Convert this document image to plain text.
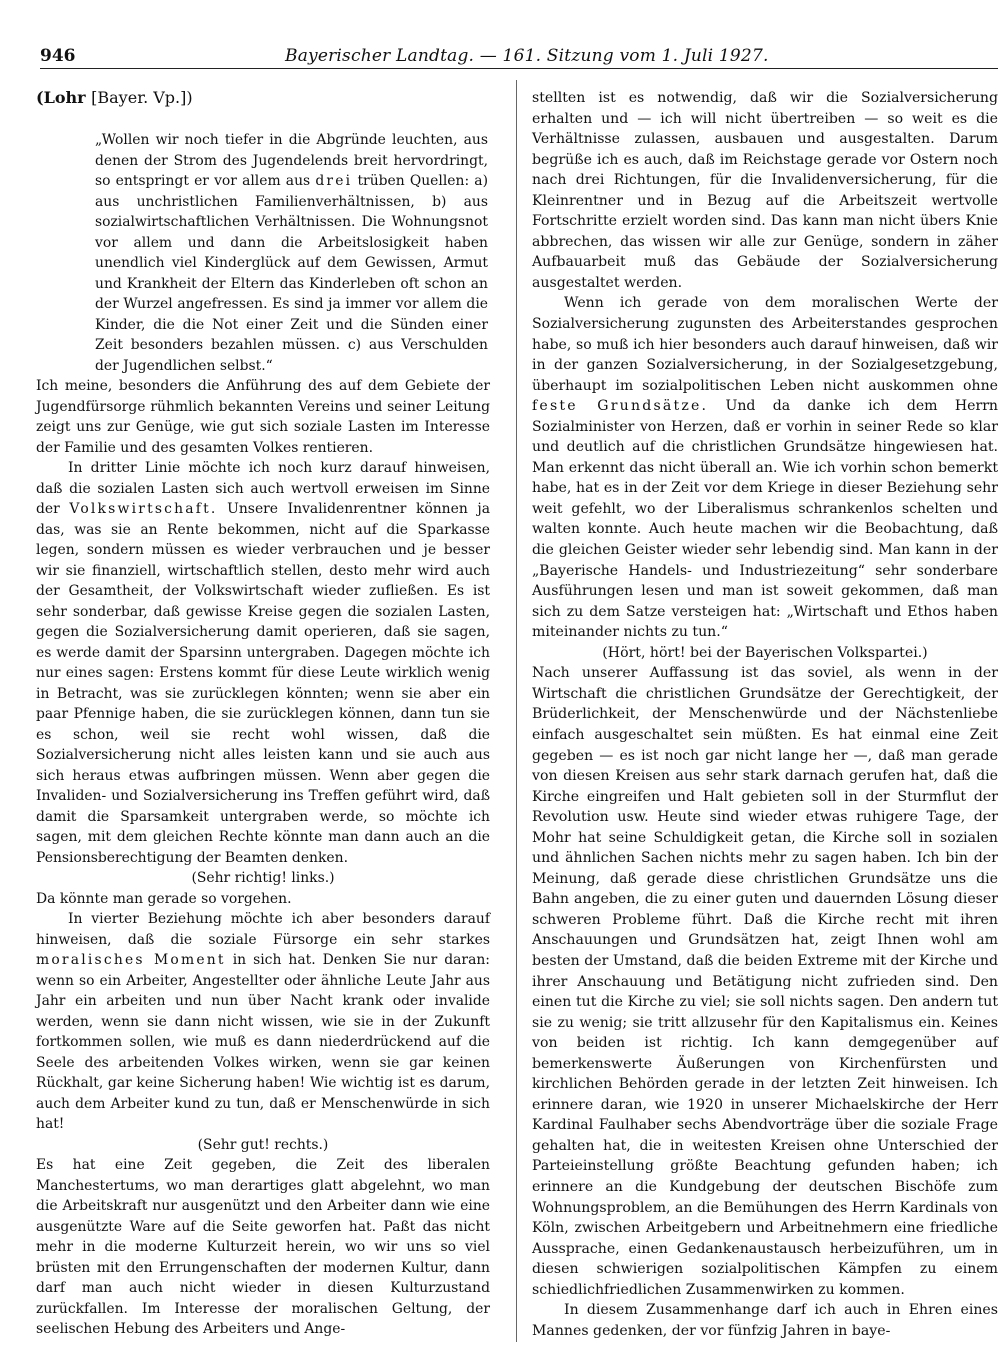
946	Bayerischer Landtag. — 161. Sitzung vom 1. Juli 1927.
(Lohr [Bayer. Vp.])

„Wollen wir noch tiefer in die Abgründe leuchten, aus denen der Strom des Jugendelends breit hervordringt, so entspringt er vor allem aus drei trüben Quellen: a) aus unchristlichen Familienverhältnissen, b) aus sozialwirtschaftlichen Verhältnissen. Die Wohnungsnot vor allem und dann die Arbeitslosigkeit haben unendlich viel Kinderglück auf dem Gewissen, Armut und Krankheit der Eltern das Kinderleben oft schon an der Wurzel angefressen. Es sind ja immer vor allem die Kinder, die die Not einer Zeit und die Sünden einer Zeit besonders bezahlen müssen. c) aus Verschulden der Jugendlichen selbst.“

Ich meine, besonders die Anführung des auf dem Gebiete der Jugendfürsorge rühmlich bekannten Vereins und seiner Leitung zeigt uns zur Genüge, wie gut sich soziale Lasten im Interesse der Familie und des gesamten Volkes rentieren.

In dritter Linie möchte ich noch kurz darauf hinweisen, daß die sozialen Lasten sich auch wertvoll erweisen im Sinne der Volkswirtschaft. Unsere Invalidenrentner können ja das, was sie an Rente bekommen, nicht auf die Sparkasse legen, sondern müssen es wieder verbrauchen und je besser wir sie finanziell, wirtschaftlich stellen, desto mehr wird auch der Gesamtheit, der Volkswirtschaft wieder zufließen. Es ist sehr sonderbar, daß gewisse Kreise gegen die sozialen Lasten, gegen die Sozialversicherung damit operieren, daß sie sagen, es werde damit der Sparsinn untergraben. Dagegen möchte ich nur eines sagen: Erstens kommt für diese Leute wirklich wenig in Betracht, was sie zurücklegen könnten; wenn sie aber ein paar Pfennige haben, die sie zurücklegen können, dann tun sie es schon, weil sie recht wohl wissen, daß die Sozialversicherung nicht alles leisten kann und sie auch aus sich heraus etwas aufbringen müssen. Wenn aber gegen die Invaliden- und Sozialversicherung ins Treffen geführt wird, daß damit die Sparsamkeit untergraben werde, so möchte ich sagen, mit dem gleichen Rechte könnte man dann auch an die Pensionsberechtigung der Beamten denken.

(Sehr richtig! links.)

Da könnte man gerade so vorgehen.

In vierter Beziehung möchte ich aber besonders darauf hinweisen, daß die soziale Fürsorge ein sehr starkes moralisches Moment in sich hat. Denken Sie nur daran: wenn so ein Arbeiter, Angestellter oder ähnliche Leute Jahr aus Jahr ein arbeiten und nun über Nacht krank oder invalide werden, wenn sie dann nicht wissen, wie sie in der Zukunft fortkommen sollen, wie muß es dann niederdrückend auf die Seele des arbeitenden Volkes wirken, wenn sie gar keinen Rückhalt, gar keine Sicherung haben! Wie wichtig ist es darum, auch dem Arbeiter kund zu tun, daß er Menschenwürde in sich hat!

(Sehr gut! rechts.)

Es hat eine Zeit gegeben, die Zeit des liberalen Manchestertums, wo man derartiges glatt abgelehnt, wo man die Arbeitskraft nur ausgenützt und den Arbeiter dann wie eine ausgenützte Ware auf die Seite geworfen hat. Paßt das nicht mehr in die moderne Kulturzeit herein, wo wir uns so viel brüsten mit den Errungenschaften der modernen Kultur, dann darf man auch nicht wieder in diesen Kulturzustand zurückfallen. Im Interesse der moralischen Geltung, der seelischen Hebung des Arbeiters und Ange-

stellten ist es notwendig, daß wir die Sozialversicherung erhalten und — ich will nicht übertreiben — so weit es die Verhältnisse zulassen, ausbauen und ausgestalten. Darum begrüße ich es auch, daß im Reichstage gerade vor Ostern noch nach drei Richtungen, für die Invalidenversicherung, für die Kleinrentner und in Bezug auf die Arbeitszeit wertvolle Fortschritte erzielt worden sind. Das kann man nicht übers Knie abbrechen, das wissen wir alle zur Genüge, sondern in zäher Aufbauarbeit muß das Gebäude der Sozialversicherung ausgestaltet werden.

Wenn ich gerade von dem moralischen Werte der Sozialversicherung zugunsten des Arbeiterstandes gesprochen habe, so muß ich hier besonders auch darauf hinweisen, daß wir in der ganzen Sozialversicherung, in der Sozialgesetzgebung, überhaupt im sozialpolitischen Leben nicht auskommen ohne feste Grundsätze. Und da danke ich dem Herrn Sozialminister von Herzen, daß er vorhin in seiner Rede so klar und deutlich auf die christlichen Grundsätze hingewiesen hat. Man erkennt das nicht überall an. Wie ich vorhin schon bemerkt habe, hat es in der Zeit vor dem Kriege in dieser Beziehung sehr weit gefehlt, wo der Liberalismus schrankenlos schelten und walten konnte. Auch heute machen wir die Beobachtung, daß die gleichen Geister wieder sehr lebendig sind. Man kann in der „Bayerische Handels- und Industriezeitung“ sehr sonderbare Ausführungen lesen und man ist soweit gekommen, daß man sich zu dem Satze versteigen hat: „Wirtschaft und Ethos haben miteinander nichts zu tun.“

(Hört, hört! bei der Bayerischen Volkspartei.)

Nach unserer Auffassung ist das soviel, als wenn in der Wirtschaft die christlichen Grundsätze der Gerechtigkeit, der Brüderlichkeit, der Menschenwürde und der Nächstenliebe einfach ausgeschaltet sein müßten. Es hat einmal eine Zeit gegeben — es ist noch gar nicht lange her —, daß man gerade von diesen Kreisen aus sehr stark darnach gerufen hat, daß die Kirche eingreifen und Halt gebieten soll in der Sturmflut der Revolution usw. Heute sind wieder etwas ruhigere Tage, der Mohr hat seine Schuldigkeit getan, die Kirche soll in sozialen und ähnlichen Sachen nichts mehr zu sagen haben. Ich bin der Meinung, daß gerade diese christlichen Grundsätze uns die Bahn angeben, die zu einer guten und dauernden Lösung dieser schweren Probleme führt. Daß die Kirche recht mit ihren Anschauungen und Grundsätzen hat, zeigt Ihnen wohl am besten der Umstand, daß die beiden Extreme mit der Kirche und ihrer Anschauung und Betätigung nicht zufrieden sind. Den einen tut die Kirche zu viel; sie soll nichts sagen. Den andern tut sie zu wenig; sie tritt allzusehr für den Kapitalismus ein. Keines von beiden ist richtig. Ich kann demgegenüber auf bemerkenswerte Äußerungen von Kirchenfürsten und kirchlichen Behörden gerade in der letzten Zeit hinweisen. Ich erinnere daran, wie 1920 in unserer Michaelskirche der Herr Kardinal Faulhaber sechs Abendvorträge über die soziale Frage gehalten hat, die in weitesten Kreisen ohne Unterschied der Parteieinstellung größte Beachtung gefunden haben; ich erinnere an die Kundgebung der deutschen Bischöfe zum Wohnungsproblem, an die Bemühungen des Herrn Kardinals von Köln, zwischen Arbeitgebern und Arbeitnehmern eine friedliche Aussprache, einen Gedankenaustausch herbeizuführen, um in diesen schwierigen sozialpolitischen Kämpfen zu einem schiedlichfriedlichen Zusammenwirken zu kommen.

In diesem Zusammenhange darf ich auch in Ehren eines Mannes gedenken, der vor fünfzig Jahren in baye-
